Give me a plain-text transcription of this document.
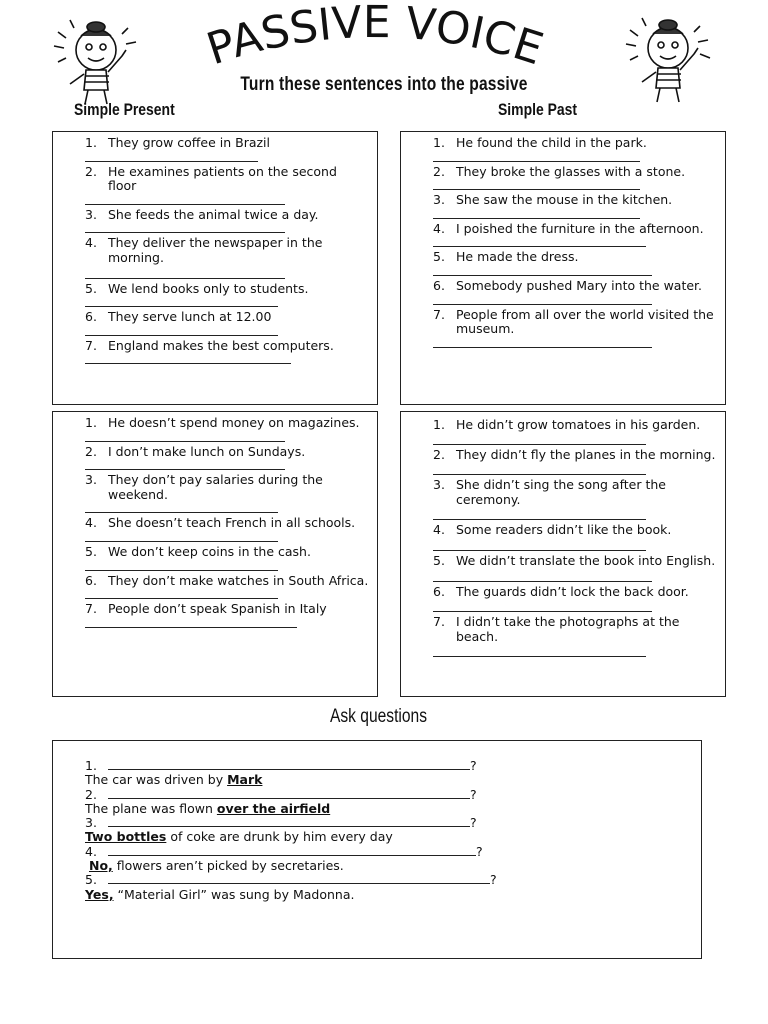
PASSIVE VOICE
Turn these sentences into the passive
Simple Present	Simple Past
1. They grow coffee in Brazil
2. He examines patients on the second floor
3. She feeds the animal twice a day.
4. They deliver the newspaper in the morning.
5. We lend books only to students.
6. They serve lunch at 12.00
7. England makes the best computers.
1. He found the child in the park.
2. They broke the glasses with a stone.
3. She saw the mouse in the kitchen.
4. I poished the furniture in the afternoon.
5. He made the dress.
6. Somebody pushed Mary into the water.
7. People from all over the world visited the museum.
1. He doesn’t spend money on magazines.
2. I don’t make lunch on Sundays.
3. They don’t pay salaries during the weekend.
4. She doesn’t teach French in all schools.
5. We don’t keep coins in the cash.
6. They don’t make watches in South Africa.
7. People don’t speak Spanish in Italy
1. He didn’t grow tomatoes in his garden.
2. They didn’t fly the planes in the morning.
3. She didn’t sing the song after the ceremony.
4. Some readers didn’t like the book.
5. We didn’t translate the book into English.
6. The guards didn’t lock the back door.
7. I didn’t take the photographs at the beach.
Ask questions
1.	?
The car was driven by Mark
2.	?
The plane was flown over the airfield
3.	?
Two bottles of coke are drunk by him every day
4.	?
No, flowers aren’t picked by secretaries.
5.	?
Yes, “Material Girl” was sung by Madonna.
